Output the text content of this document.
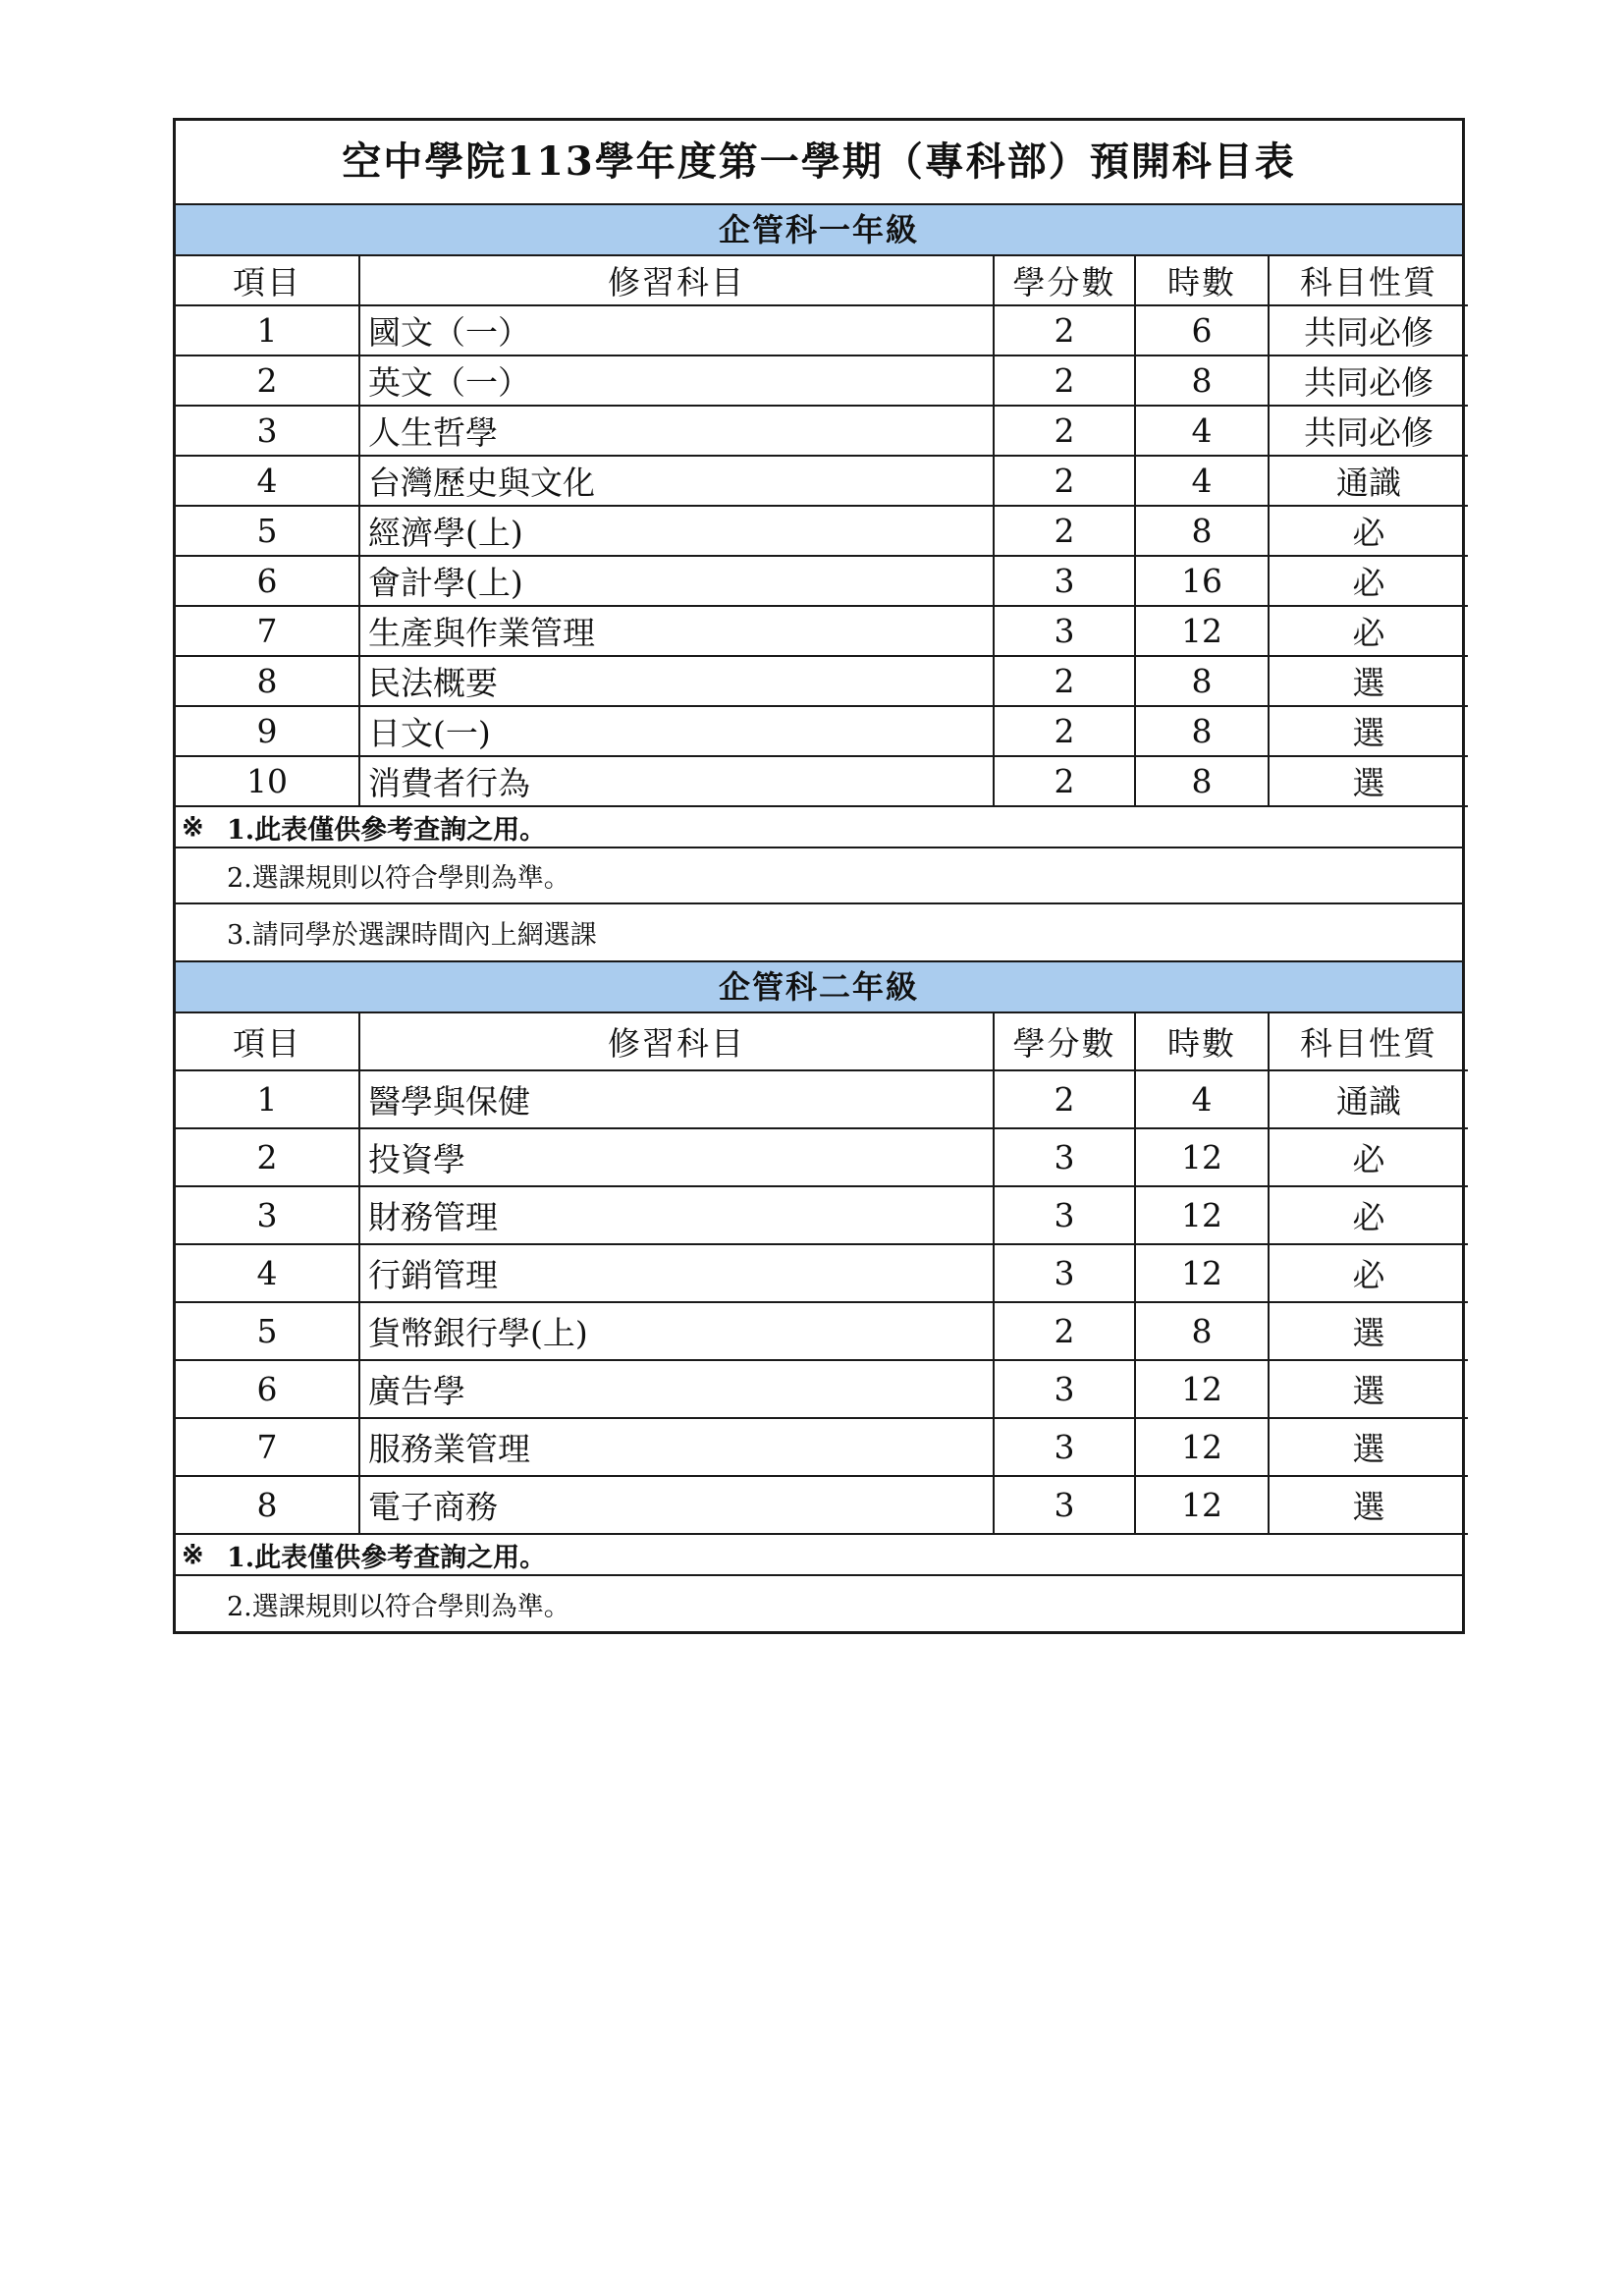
空中學院113學年度第一學期（專科部）預開科目表
企管科一年級
項目	修習科目	學分數	時數	科目性質
1	國文（一）	2	6	共同必修
2	英文（一）	2	8	共同必修
3	人生哲學	2	4	共同必修
4	台灣歷史與文化	2	4	通識
5	經濟學(上)	2	8	必
6	會計學(上)	3	16	必
7	生產與作業管理	3	12	必
8	民法概要	2	8	選
9	日文(一)	2	8	選
10	消費者行為	2	8	選
※ 1.此表僅供參考查詢之用。
2.選課規則以符合學則為準。
3.請同學於選課時間內上網選課
企管科二年級
項目	修習科目	學分數	時數	科目性質
1	醫學與保健	2	4	通識
2	投資學	3	12	必
3	財務管理	3	12	必
4	行銷管理	3	12	必
5	貨幣銀行學(上)	2	8	選
6	廣告學	3	12	選
7	服務業管理	3	12	選
8	電子商務	3	12	選
※ 1.此表僅供參考查詢之用。
2.選課規則以符合學則為準。
